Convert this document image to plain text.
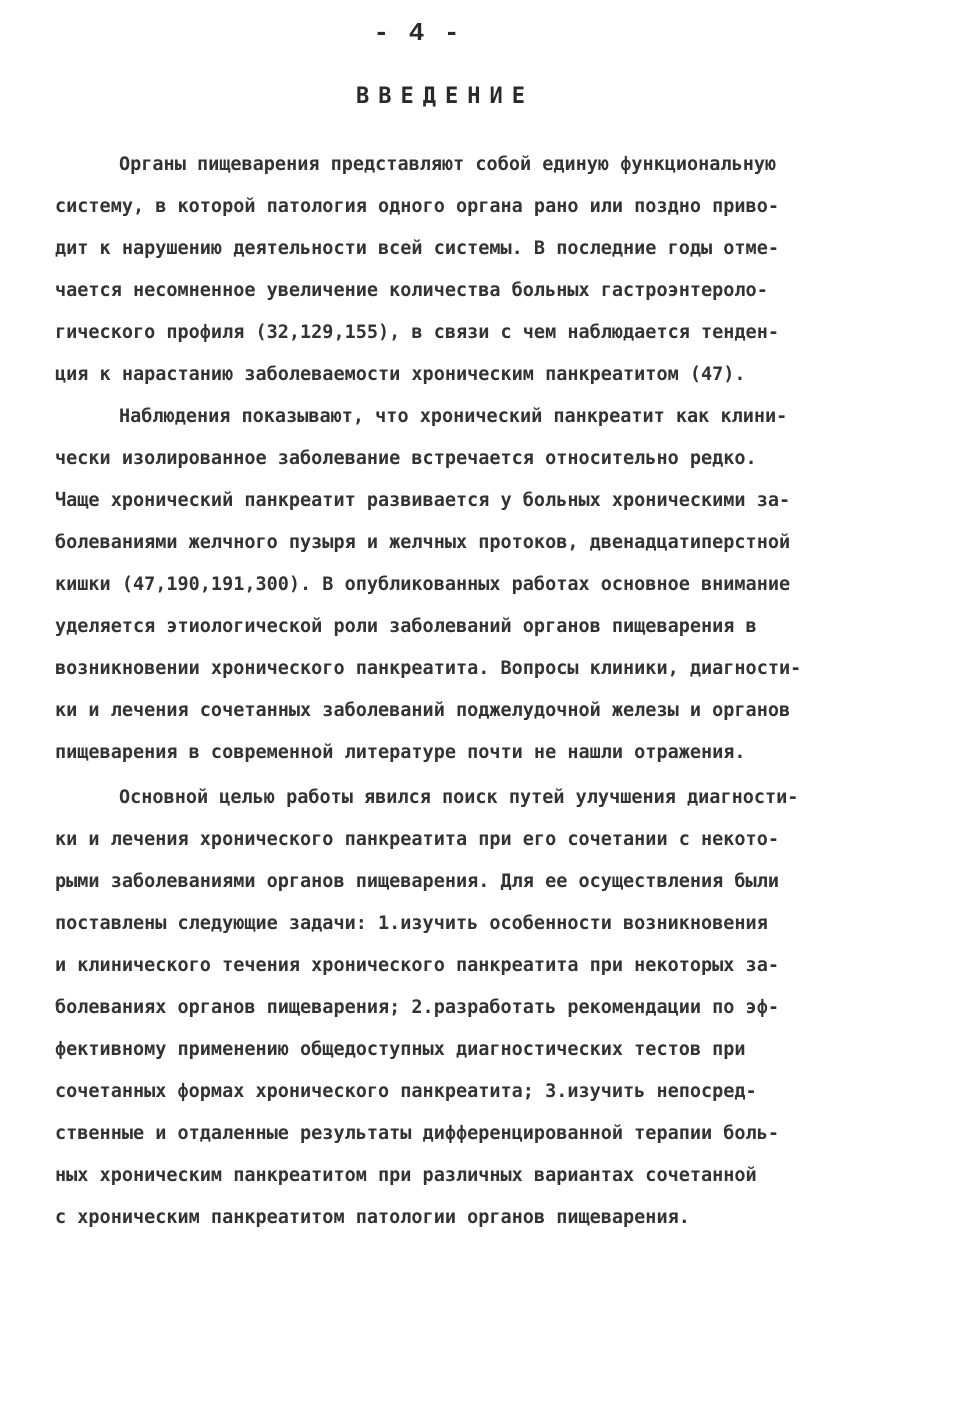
- 4 -
ВВЕДЕНИЕ
Органы пищеварения представляют собой единую функциональную
систему, в которой патология одного органа рано или поздно приво-
дит к нарушению деятельности всей системы. В последние годы отме-
чается несомненное увеличение количества больных гастроэнтероло-
гического профиля (32,129,155), в связи с чем наблюдается тенден-
ция к нарастанию заболеваемости хроническим панкреатитом (47).
Наблюдения показывают, что хронический панкреатит как клини-
чески изолированное заболевание встречается относительно редко.
Чаще хронический панкреатит развивается у больных хроническими за-
болеваниями желчного пузыря и желчных протоков, двенадцатиперстной
кишки (47,190,191,300). В опубликованных работах основное внимание
уделяется этиологической роли заболеваний органов пищеварения в
возникновении хронического панкреатита. Вопросы клиники, диагности-
ки и лечения сочетанных заболеваний поджелудочной железы и органов
пищеварения в современной литературе почти не нашли отражения.
Основной целью работы явился поиск путей улучшения диагности-
ки и лечения хронического панкреатита при его сочетании с некото-
рыми заболеваниями органов пищеварения. Для ее осуществления были
поставлены следующие задачи: 1.изучить особенности возникновения
и клинического течения хронического панкреатита при некоторых за-
болеваниях органов пищеварения; 2.разработать рекомендации по эф-
фективному применению общедоступных диагностических тестов при
сочетанных формах хронического панкреатита; 3.изучить непосред-
ственные и отдаленные результаты дифференцированной терапии боль-
ных хроническим панкреатитом при различных вариантах сочетанной
с хроническим панкреатитом патологии органов пищеварения.
